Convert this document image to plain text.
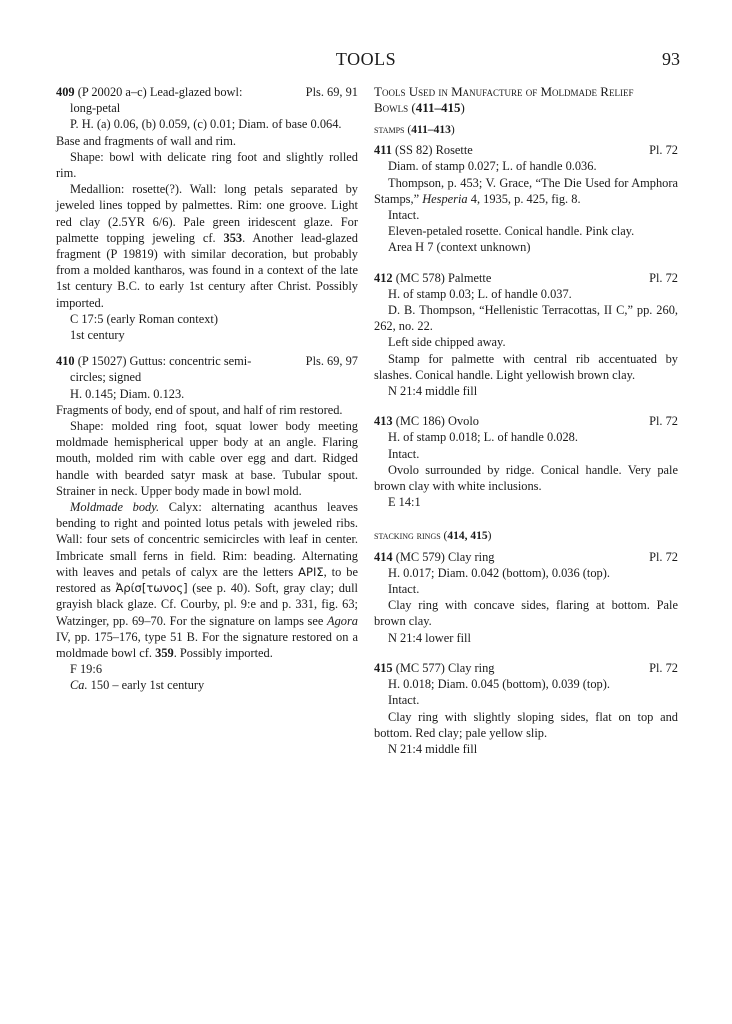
TOOLS	93
409 (P 20020 a–c) Lead-glazed bowl:	Pls. 69, 91
long-petal
P. H. (a) 0.06, (b) 0.059, (c) 0.01; Diam. of base 0.064.
Base and fragments of wall and rim.
Shape: bowl with delicate ring foot and slightly rolled rim.
Medallion: rosette(?). Wall: long petals separated by jeweled lines topped by palmettes. Rim: one groove. Light red clay (2.5YR 6/6). Pale green iridescent glaze. For palmette topping jeweling cf. 353. Another lead-glazed fragment (P 19819) with similar decoration, but probably from a molded kantharos, was found in a context of the late 1st century B.C. to early 1st century after Christ. Possibly imported.
C 17:5 (early Roman context)
1st century
410 (P 15027) Guttus: concentric semi-	Pls. 69, 97
circles; signed
H. 0.145; Diam. 0.123.
Fragments of body, end of spout, and half of rim restored.
Shape: molded ring foot, squat lower body meeting moldmade hemispherical upper body at an angle. Flaring mouth, molded rim with cable over egg and dart. Ridged handle with bearded satyr mask at base. Tubular spout. Strainer in neck. Upper body made in bowl mold.
Moldmade body. Calyx: alternating acanthus leaves bending to right and pointed lotus petals with jeweled ribs. Wall: four sets of concentric semicircles with leaf in center. Imbricate small ferns in field. Rim: beading. Alternating with leaves and petals of calyx are the letters ΑΡΙΣ, to be restored as Ἀρίσ[τωνος] (see p. 40). Soft, gray clay; dull grayish black glaze. Cf. Courby, pl. 9:e and p. 331, fig. 63; Watzinger, pp. 69–70. For the signature on lamps see Agora IV, pp. 175–176, type 51 B. For the signature restored on a moldmade bowl cf. 359. Possibly imported.
F 19:6
Ca. 150 – early 1st century
Tools Used in Manufacture of Moldmade Relief
Bowls (411–415)
stamps (411–413)
411 (SS 82) Rosette	Pl. 72
Diam. of stamp 0.027; L. of handle 0.036.
Thompson, p. 453; V. Grace, “The Die Used for Amphora Stamps,” Hesperia 4, 1935, p. 425, fig. 8.
Intact.
Eleven-petaled rosette. Conical handle. Pink clay.
Area H 7 (context unknown)
412 (MC 578) Palmette	Pl. 72
H. of stamp 0.03; L. of handle 0.037.
D. B. Thompson, “Hellenistic Terracottas, II C,” pp. 260, 262, no. 22.
Left side chipped away.
Stamp for palmette with central rib accentuated by slashes. Conical handle. Light yellowish brown clay.
N 21:4 middle fill
413 (MC 186) Ovolo	Pl. 72
H. of stamp 0.018; L. of handle 0.028.
Intact.
Ovolo surrounded by ridge. Conical handle. Very pale brown clay with white inclusions.
E 14:1
stacking rings (414, 415)
414 (MC 579) Clay ring	Pl. 72
H. 0.017; Diam. 0.042 (bottom), 0.036 (top).
Intact.
Clay ring with concave sides, flaring at bottom. Pale brown clay.
N 21:4 lower fill
415 (MC 577) Clay ring	Pl. 72
H. 0.018; Diam. 0.045 (bottom), 0.039 (top).
Intact.
Clay ring with slightly sloping sides, flat on top and bottom. Red clay; pale yellow slip.
N 21:4 middle fill
